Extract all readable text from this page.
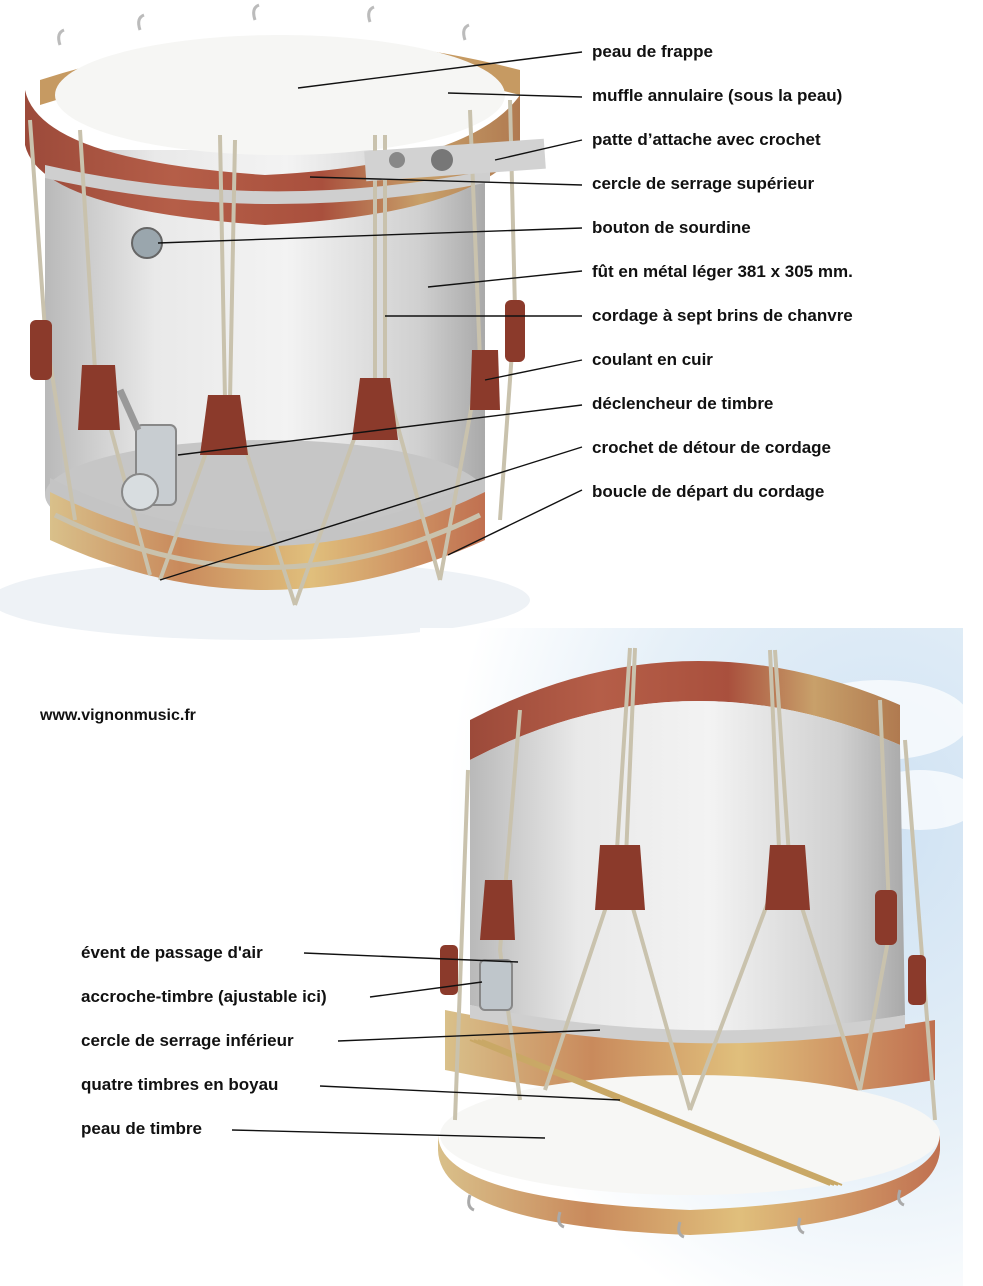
peau de frappe
muffle annulaire (sous la peau)
patte d’attache avec crochet
cercle de serrage supérieur
bouton de sourdine
fût en métal léger 381 x 305 mm.
cordage à sept brins de chanvre
coulant en cuir
déclencheur de timbre
crochet de détour de cordage
boucle de départ du cordage
www.vignonmusic.fr
évent de passage d'air
accroche-timbre (ajustable ici)
cercle de serrage inférieur
quatre timbres en boyau
peau de timbre
